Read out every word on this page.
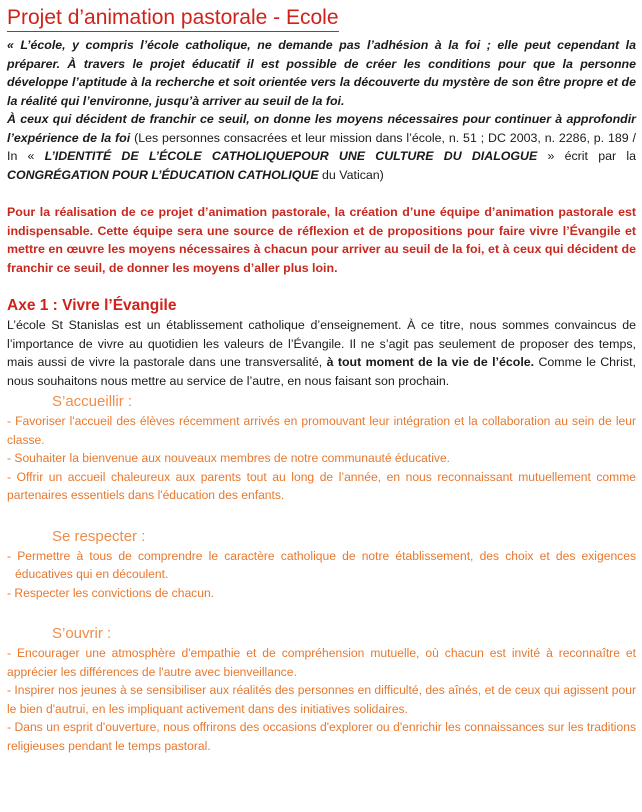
Projet d’animation pastorale - Ecole
« L’école, y compris l’école catholique, ne demande pas l’adhésion à la foi ; elle peut cependant la préparer. À travers le projet éducatif il est possible de créer les conditions pour que la personne développe l’aptitude à la recherche et soit orientée vers la découverte du mystère de son être propre et de la réalité qui l’environne, jusqu’à arriver au seuil de la foi.
À ceux qui décident de franchir ce seuil, on donne les moyens nécessaires pour continuer à approfondir l’expérience de la foi (Les personnes consacrées et leur mission dans l’école, n. 51 ; DC 2003, n. 2286, p. 189 / In « L’IDENTITÉ DE L’ÉCOLE CATHOLIQUEPOUR UNE CULTURE DU DIALOGUE » écrit par la CONGRÉGATION POUR L’ÉDUCATION CATHOLIQUE du Vatican)
Pour la réalisation de ce projet d’animation pastorale, la création d’une équipe d’animation pastorale est indispensable. Cette équipe sera une source de réflexion et de propositions pour faire vivre l’Évangile et mettre en œuvre les moyens nécessaires à chacun pour arriver au seuil de la foi, et à ceux qui décident de franchir ce seuil, de donner les moyens d’aller plus loin.
Axe 1 : Vivre l’Évangile
L’école St Stanislas est un établissement catholique d’enseignement. À ce titre, nous sommes convaincus de l’importance de vivre au quotidien les valeurs de l’Évangile. Il ne s’agit pas seulement de proposer des temps, mais aussi de vivre la pastorale dans une transversalité, à tout moment de la vie de l’école. Comme le Christ, nous souhaitons nous mettre au service de l’autre, en nous faisant son prochain.
S’accueillir :

- Favoriser l'accueil des élèves récemment arrivés en promouvant leur intégration et la collaboration au sein de leur classe.

- Souhaiter la bienvenue aux nouveaux membres de notre communauté éducative.

- Offrir un accueil chaleureux aux parents tout au long de l’année, en nous reconnaissant mutuellement comme partenaires essentiels dans l'éducation des enfants.

Se respecter :

- Permettre à tous de comprendre le caractère catholique de notre établissement, des choix et des exigences éducatives qui en découlent.

- Respecter les convictions de chacun.

S’ouvrir :

- Encourager une atmosphère d'empathie et de compréhension mutuelle, où chacun est invité à reconnaître et apprécier les différences de l'autre avec bienveillance.

- Inspirer nos jeunes à se sensibiliser aux réalités des personnes en difficulté, des aînés, et de ceux qui agissent pour le bien d'autrui, en les impliquant activement dans des initiatives solidaires.

- Dans un esprit d'ouverture, nous offrirons des occasions d'explorer ou d'enrichir les connaissances sur les traditions religieuses pendant le temps pastoral.
